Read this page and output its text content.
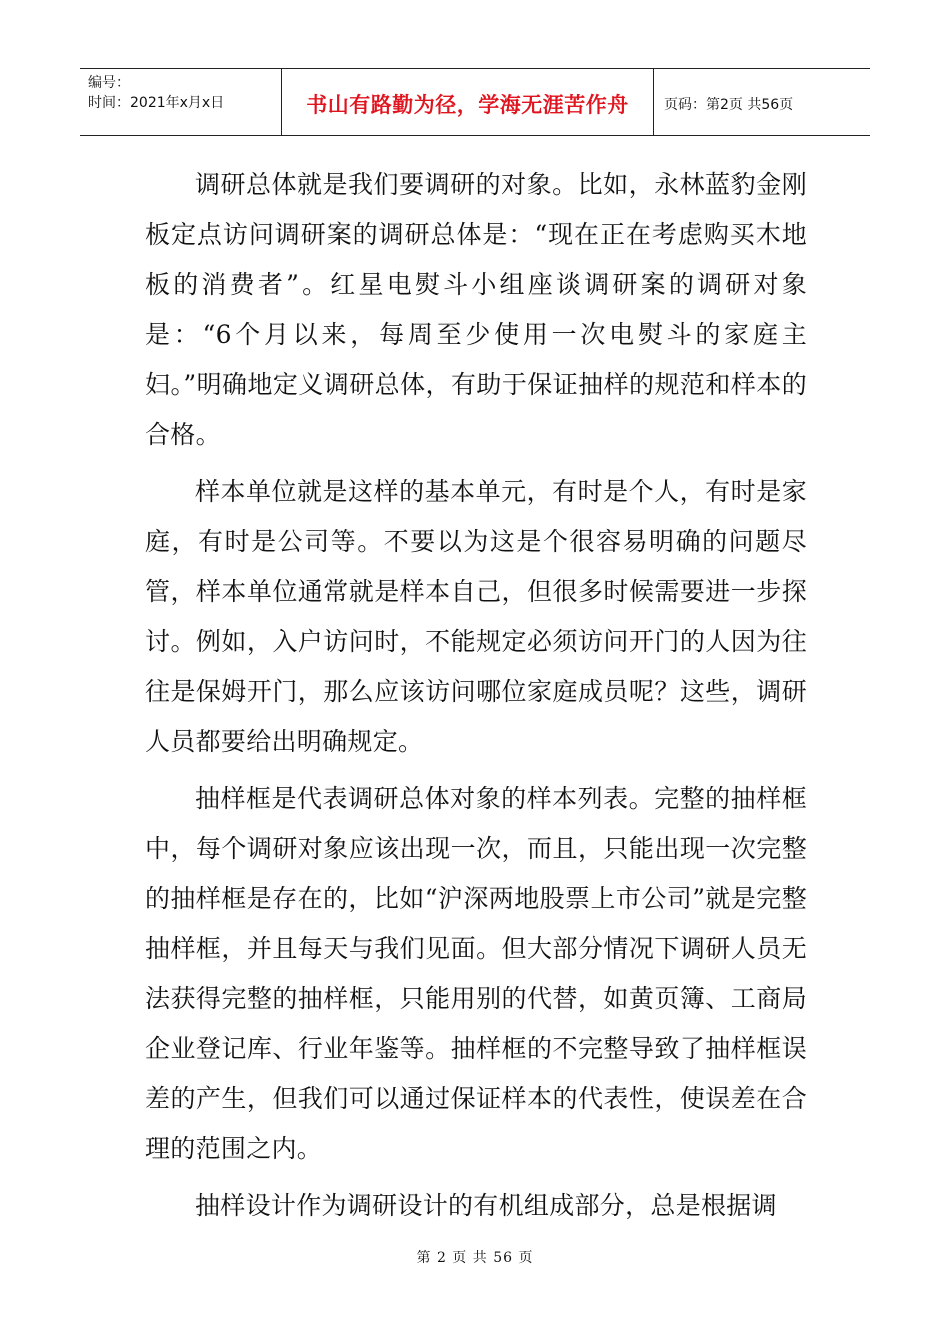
编号：
时间：2021年x月x日	书山有路勤为径，学海无涯苦作舟	页码：第2页 共56页

调研总体就是我们要调研的对象。比如，永林蓝豹金刚板定点访问调研案的调研总体是：“现在正在考虑购买木地板的消费者”。红星电熨斗小组座谈调研案的调研对象是：“6个月以来，每周至少使用一次电熨斗的家庭主妇。”明确地定义调研总体，有助于保证抽样的规范和样本的合格。

样本单位就是这样的基本单元，有时是个人，有时是家庭，有时是公司等。不要以为这是个很容易明确的问题尽管，样本单位通常就是样本自己，但很多时候需要进一步探讨。例如，入户访问时，不能规定必须访问开门的人因为往往是保姆开门，那么应该访问哪位家庭成员呢？这些，调研人员都要给出明确规定。

抽样框是代表调研总体对象的样本列表。完整的抽样框中，每个调研对象应该出现一次，而且，只能出现一次完整的抽样框是存在的，比如“沪深两地股票上市公司”就是完整抽样框，并且每天与我们见面。但大部分情况下调研人员无法获得完整的抽样框，只能用别的代替，如黄页簿、工商局企业登记库、行业年鉴等。抽样框的不完整导致了抽样框误差的产生，但我们可以通过保证样本的代表性，使误差在合理的范围之内。

抽样设计作为调研设计的有机组成部分，总是根据调

第 2 页 共 56 页
